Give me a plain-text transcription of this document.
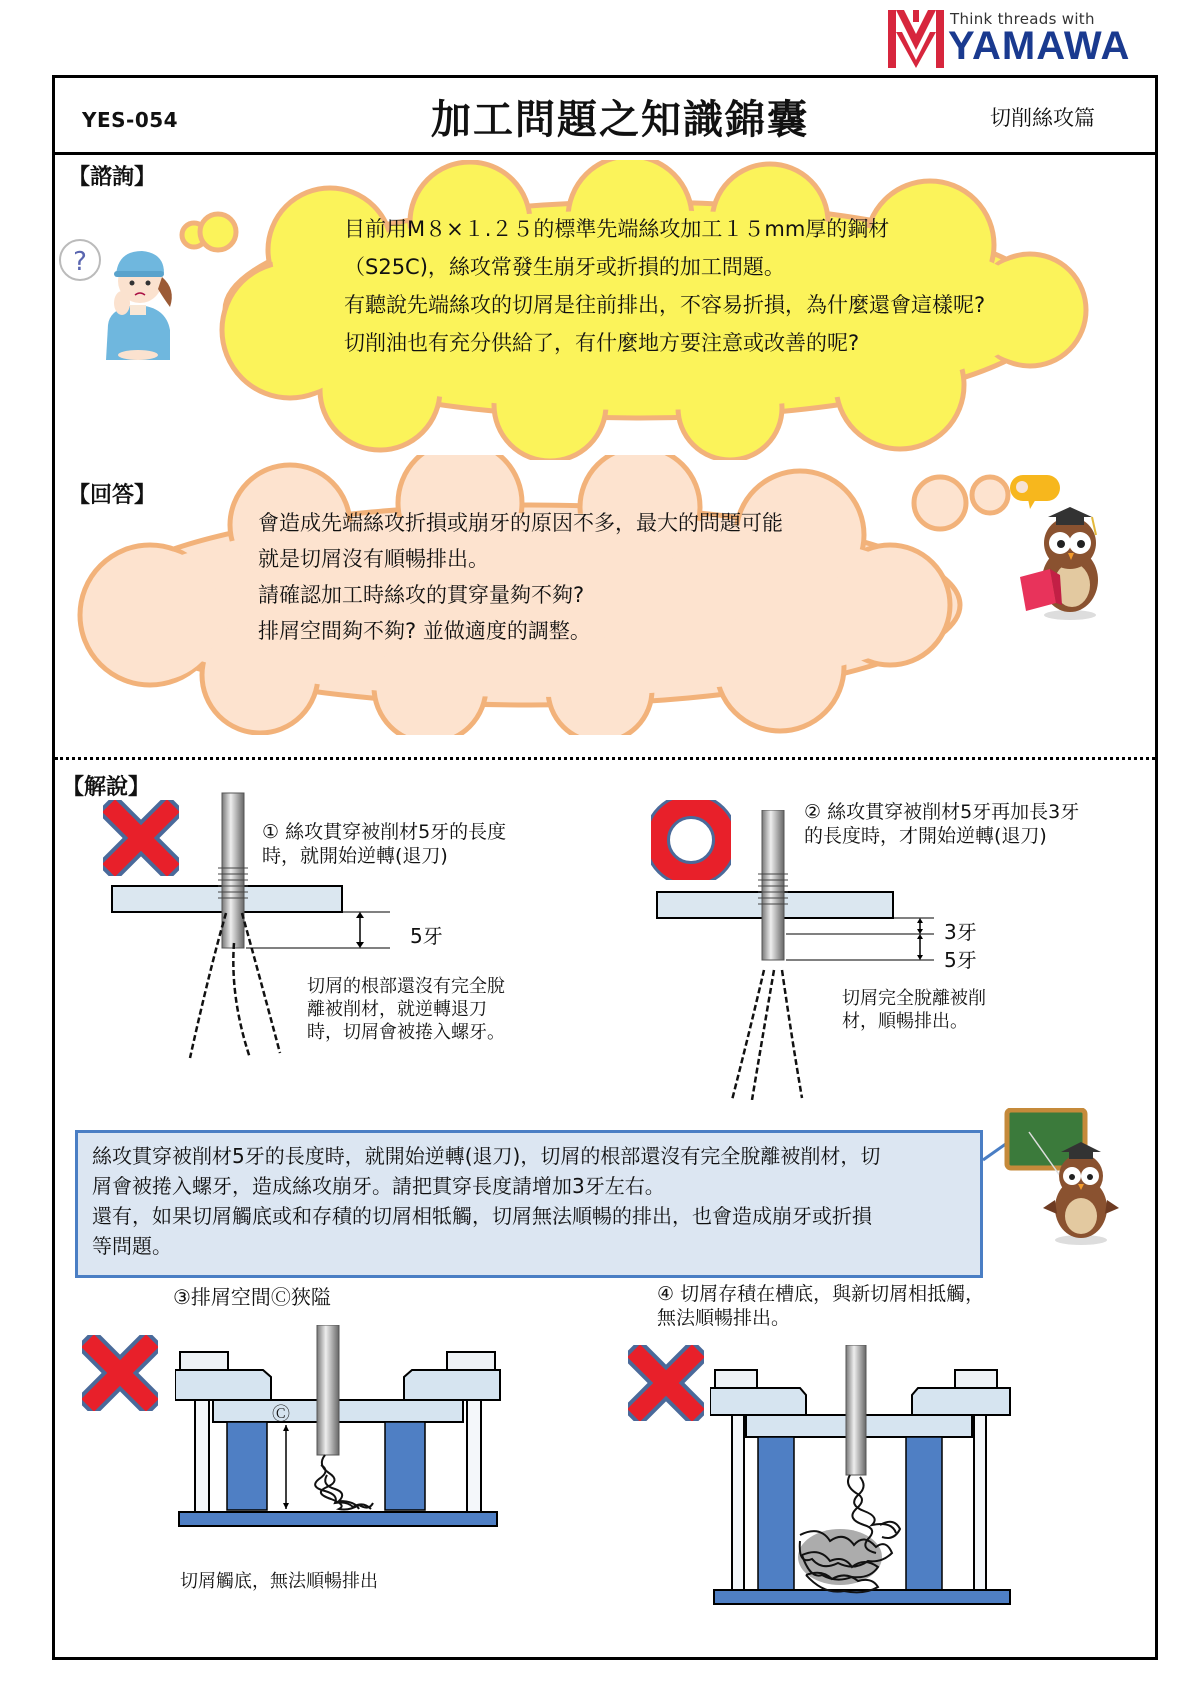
Think threads with
YAMAWA
YES-054	加工問題之知識錦囊	切削絲攻篇
【諮詢】
?
目前用M８×１.２５的標準先端絲攻加工１５mm厚的鋼材
（S25C)，絲攻常發生崩牙或折損的加工問題。
有聽說先端絲攻的切屑是往前排出，不容易折損，為什麼還會這樣呢?
切削油也有充分供給了，有什麼地方要注意或改善的呢?
【回答】
會造成先端絲攻折損或崩牙的原因不多，最大的問題可能
就是切屑沒有順暢排出。
請確認加工時絲攻的貫穿量夠不夠?
排屑空間夠不夠? 並做適度的調整。
【解說】
5牙
① 絲攻貫穿被削材5牙的長度
時，就開始逆轉(退刀)
切屑的根部還沒有完全脫
離被削材，就逆轉退刀
時，切屑會被捲入螺牙。
3牙
5牙
② 絲攻貫穿被削材5牙再加長3牙
的長度時，才開始逆轉(退刀)
切屑完全脫離被削
材，順暢排出。
絲攻貫穿被削材5牙的長度時，就開始逆轉(退刀)，切屑的根部還沒有完全脫離被削材，切
屑會被捲入螺牙，造成絲攻崩牙。請把貫穿長度請增加3牙左右。
還有，如果切屑觸底或和存積的切屑相牴觸，切屑無法順暢的排出，也會造成崩牙或折損
等問題。
③排屑空間Ⓒ狹隘
Ⓒ
切屑觸底，無法順暢排出
④ 切屑存積在槽底，與新切屑相抵觸，
無法順暢排出。
